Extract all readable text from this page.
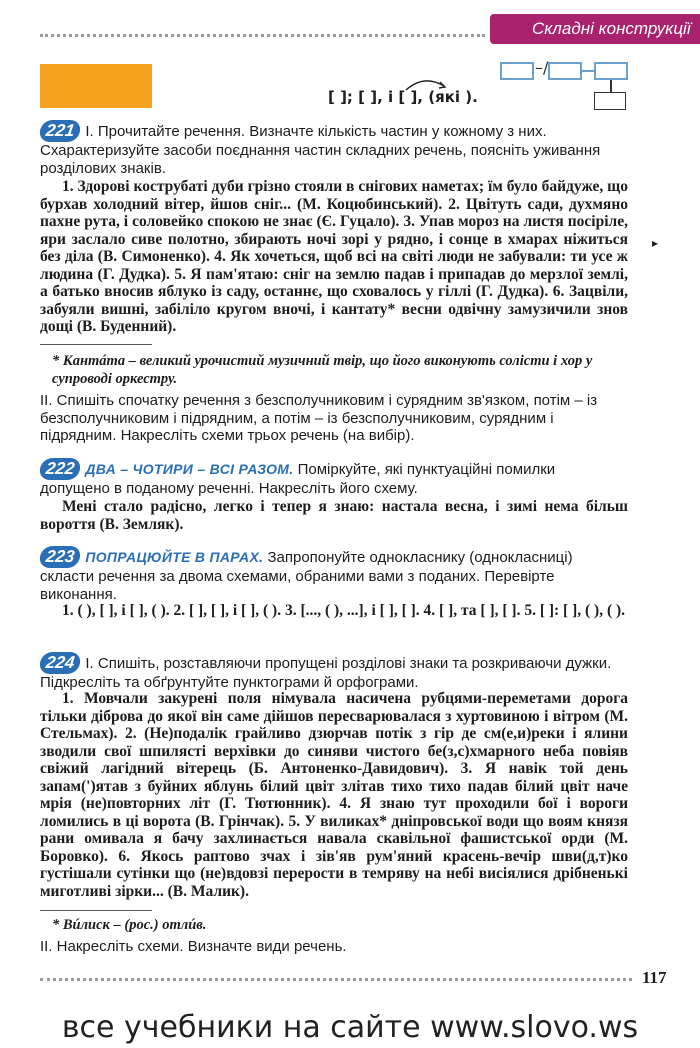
Складні конструкції
–/
[ ]; [ ], і [ ], (які ).

221 І. Прочитайте речення. Визначте кількість частин у кожному з них. Схарактеризуйте засоби поєднання частин складних речень, поясніть уживання розділових знаків.

1. Здорові кострубаті дуби грізно стояли в снігових наметах; їм було байдуже, що бурхав холодний вітер, йшов сніг... (М. Коцюбинський). 2. Цвітуть сади, духмяно пахне рута, і соловейко спокою не знає (Є. Гуцало). 3. Упав мороз на листя посіріле, яри заслало сиве полотно, збирають ночі зорі у рядно, і сонце в хмарах ніжиться без діла (В. Симоненко). 4. Як хочеться, щоб всі на світі люди не забували: ти усе ж людина (Г. Дудка). 5. Я пам'ятаю: сніг на землю падав і припадав до мерзлої землі, а батько вносив яблуко із саду, останнє, що сховалось у гіллі (Г. Дудка). 6. Зацвіли, забуяли вишні, забіліло кругом вночі, і кантату* весни одвічну замузичили знов дощі (В. Буденний).

* Кантáта – великий урочистий музичний твір, що його виконують солісти і хор у супроводі оркестру.

ІІ. Спишіть спочатку речення з безсполучниковим і сурядним зв'язком, потім – із безсполучниковим і підрядним, а потім – із безсполучниковим, сурядним і підрядним. Накресліть схеми трьох речень (на вибір).

222 ДВА – ЧОТИРИ – ВСІ РАЗОМ. Поміркуйте, які пунктуаційні помилки допущено в поданому реченні. Накресліть його схему.

Мені стало радісно, легко і тепер я знаю: настала весна, і зимі нема більш вороття (В. Земляк).

223 ПОПРАЦЮЙТЕ В ПАРАХ. Запропонуйте однокласнику (однокласниці) скласти речення за двома схемами, обраними вами з поданих. Перевірте виконання.

1. ( ), [ ], і [ ], ( ). 2. [ ], [ ], і [ ], ( ). 3. [..., ( ), ...], і [ ], [ ]. 4. [ ], та [ ], [ ]. 5. [ ]: [ ], ( ), ( ).

224 І. Спишіть, розставляючи пропущені розділові знаки та розкриваючи дужки. Підкресліть та обґрунтуйте пунктограми й орфограми.

1. Мовчали закурені поля німувала насичена рубцями-переметами дорога тільки діброва до якої він саме дійшов пересварювалася з хуртовиною і вітром (М. Стельмах). 2. (Не)подалік грайливо дзюрчав потік з гір де см(е,и)реки і ялини зводили свої шпилясті верхівки до синяви чистого бе(з,с)хмарного неба повіяв свіжий лагідний вітерець (Б. Антоненко-Давидович). 3. Я навік той день запам(')ятав з буйних яблунь білий цвіт злітав тихо тихо падав білий цвіт наче мрія (не)повторних літ (Г. Тютюнник). 4. Я знаю тут проходили бої і вороги ломились в ці ворота (В. Грінчак). 5. У виликах* дніпровської води що воям князя рани омивала я бачу захлинається навала скавільної фашистської орди (М. Боровко). 6. Якось раптово зчах і зів'яв рум'яний красень-вечір шви(д,т)ко густішали сутінки що (не)вдовзі перерости в темряву на небі висіялися дрібненькі миготливі зірки... (В. Малик).

* Вúлиск – (рос.) отлúв.

ІІ. Накресліть схеми. Визначте види речень.

▸
117
все учебники на сайте www.slovo.ws
